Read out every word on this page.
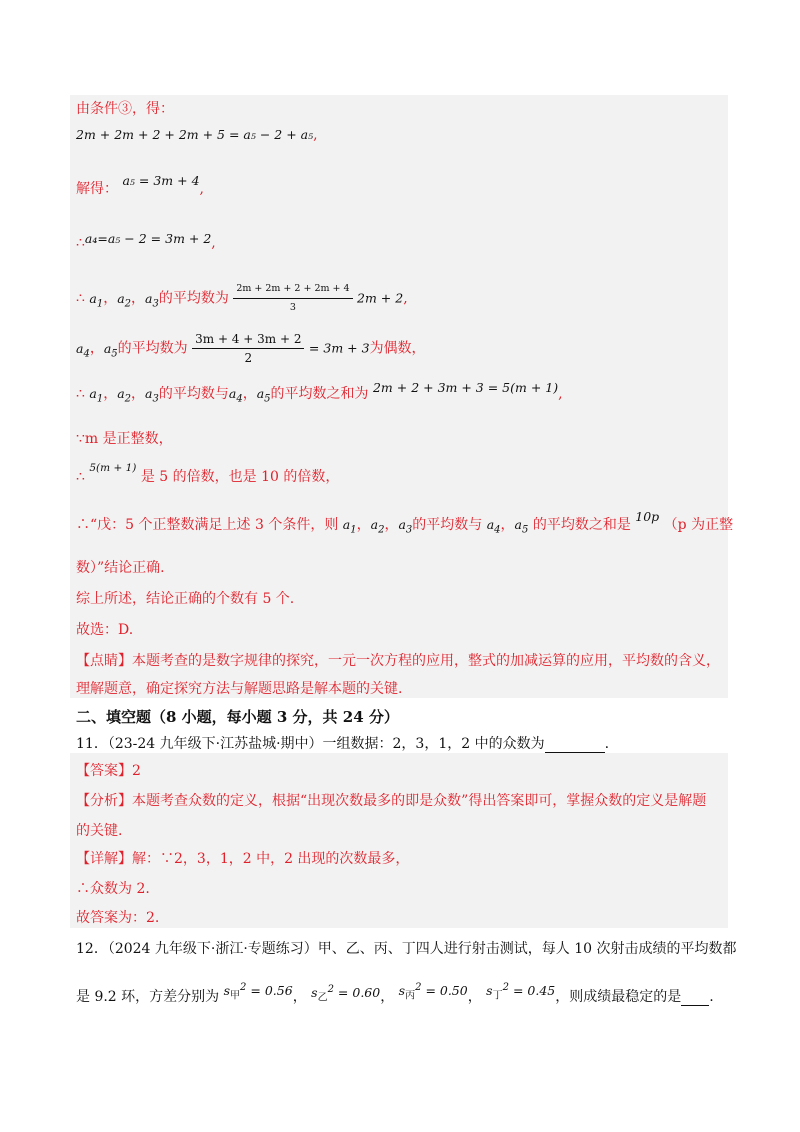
由条件③，得：
2m + 2m + 2 + 2m + 5 = a₅ − 2 + a₅,
解得： a₅ = 3m + 4,
∴a₄=a₅ − 2 = 3m + 2,
∴ $a_1$，$a_2$，$a_3$的平均数为 $\frac{2m + 2m + 2 + 2m + 4}{3} 2m + 2$,
$a_4$，$a_5$的平均数为 $\frac{3m + 4 + 3m + 2}{2} = 3m + 3$为偶数，
∴ $a_1$，$a_2$，$a_3$的平均数与$a_4$，$a_5$的平均数之和为 2m + 2 + 3m + 3 = 5(m + 1),
∵m 是正整数，
∴ $^{5(m + 1)}$ 是 5 的倍数，也是 10 的倍数，
∴“戊：5 个正整数满足上述 3 个条件，则 $a_1$，$a_2$，$a_3$的平均数与 $a_4$，$a_5$ 的平均数之和是 10p （p 为正整
数）”结论正确.
综上所述，结论正确的个数有 5 个.
故选：D.
【点睛】本题考查的是数字规律的探究，一元一次方程的应用，整式的加减运算的应用，平均数的含义，
理解题意，确定探究方法与解题思路是解本题的关键.
二、填空题（8 小题，每小题 3 分，共 24 分）
11．（23-24 九年级下·江苏盐城·期中）一组数据：2，3，1，2 中的众数为	.
【答案】2
【分析】本题考查众数的定义，根据“出现次数最多的即是众数”得出答案即可，掌握众数的定义是解题
的关键.
【详解】解：∵2，3，1，2 中，2 出现的次数最多，
∴众数为 2.
故答案为：2.
12．（2024 九年级下·浙江·专题练习）甲、乙、丙、丁四人进行射击测试，每人 10 次射击成绩的平均数都
是 9.2 环，方差分别为 $s_甲^2 = 0.56$， $s_乙^2 = 0.60$， $s_丙^2 = 0.50$， $s_丁^2 = 0.45$，则成绩最稳定的是 .
